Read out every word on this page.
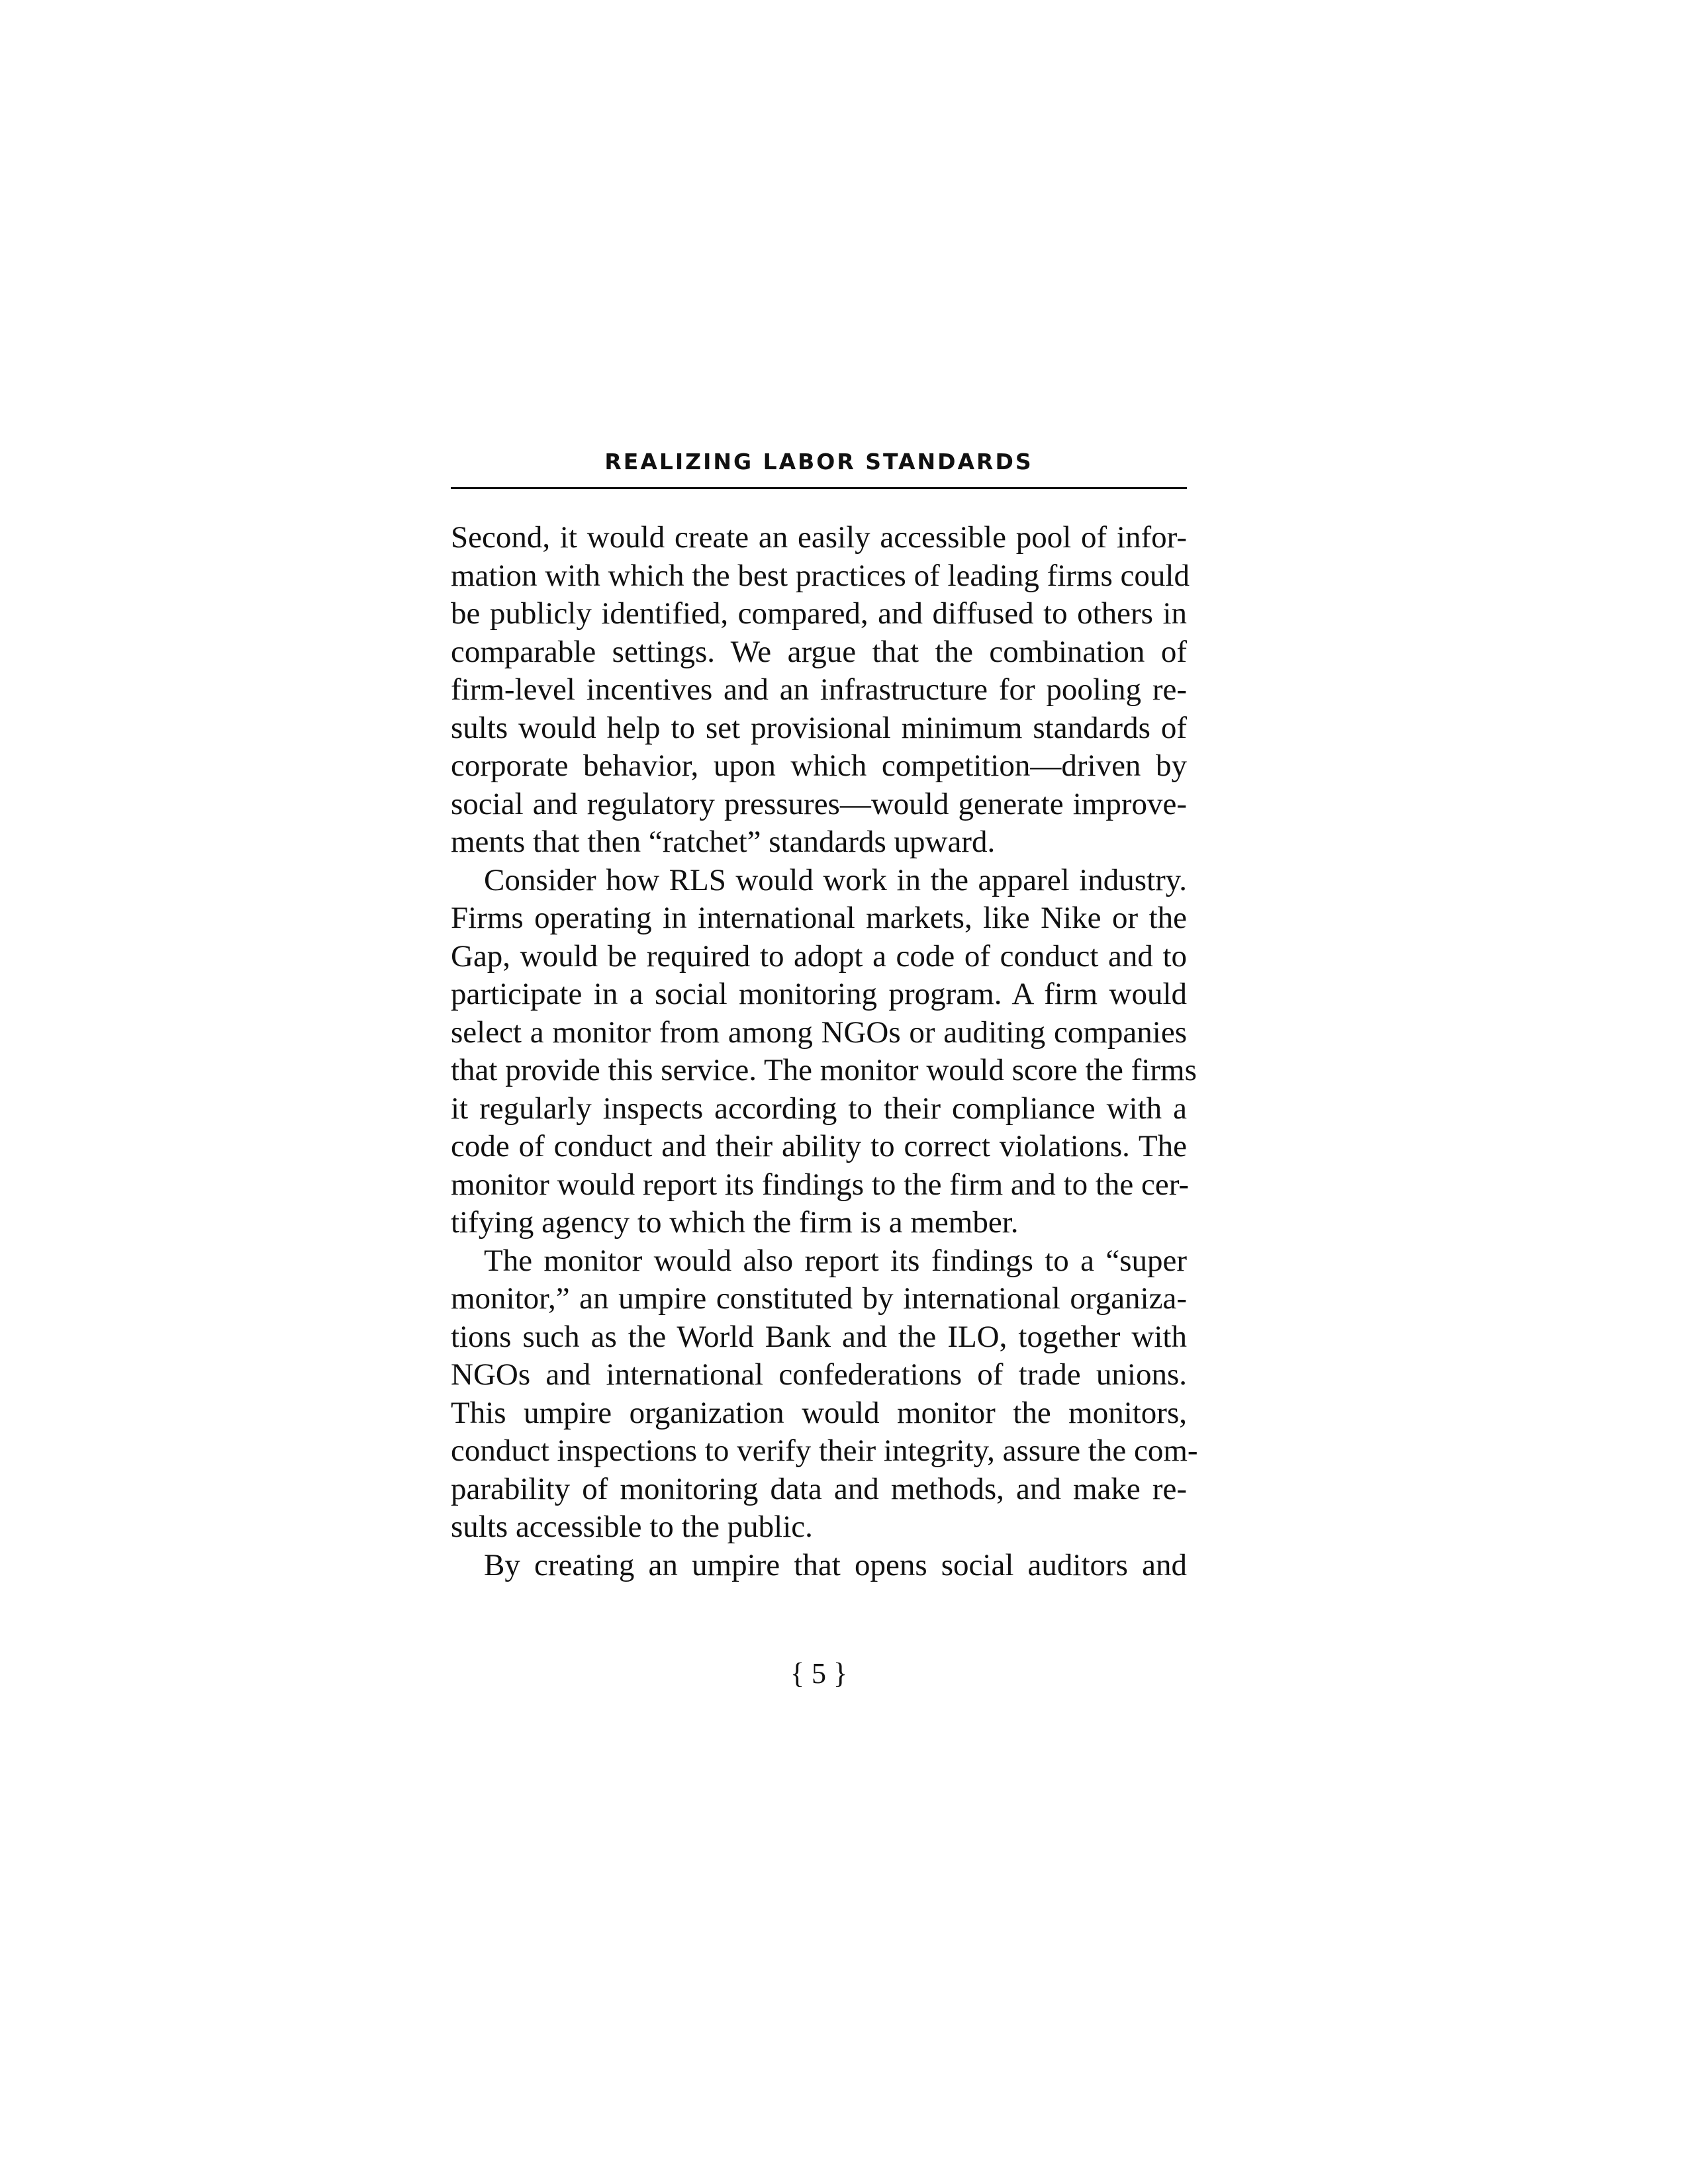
REALIZING LABOR STANDARDS
Second, it would create an easily accessible pool of infor-
mation with which the best practices of leading firms could
be publicly identified, compared, and diffused to others in
comparable settings. We argue that the combination of
firm-level incentives and an infrastructure for pooling re-
sults would help to set provisional minimum standards of
corporate behavior, upon which competition—driven by
social and regulatory pressures—would generate improve-
ments that then “ratchet” standards upward.
Consider how RLS would work in the apparel industry.
Firms operating in international markets, like Nike or the
Gap, would be required to adopt a code of conduct and to
participate in a social monitoring program. A firm would
select a monitor from among NGOs or auditing companies
that provide this service. The monitor would score the firms
it regularly inspects according to their compliance with a
code of conduct and their ability to correct violations. The
monitor would report its findings to the firm and to the cer-
tifying agency to which the firm is a member.
The monitor would also report its findings to a “super
monitor,” an umpire constituted by international organiza-
tions such as the World Bank and the ILO, together with
NGOs and international confederations of trade unions.
This umpire organization would monitor the monitors,
conduct inspections to verify their integrity, assure the com-
parability of monitoring data and methods, and make re-
sults accessible to the public.
By creating an umpire that opens social auditors and
{ 5 }
